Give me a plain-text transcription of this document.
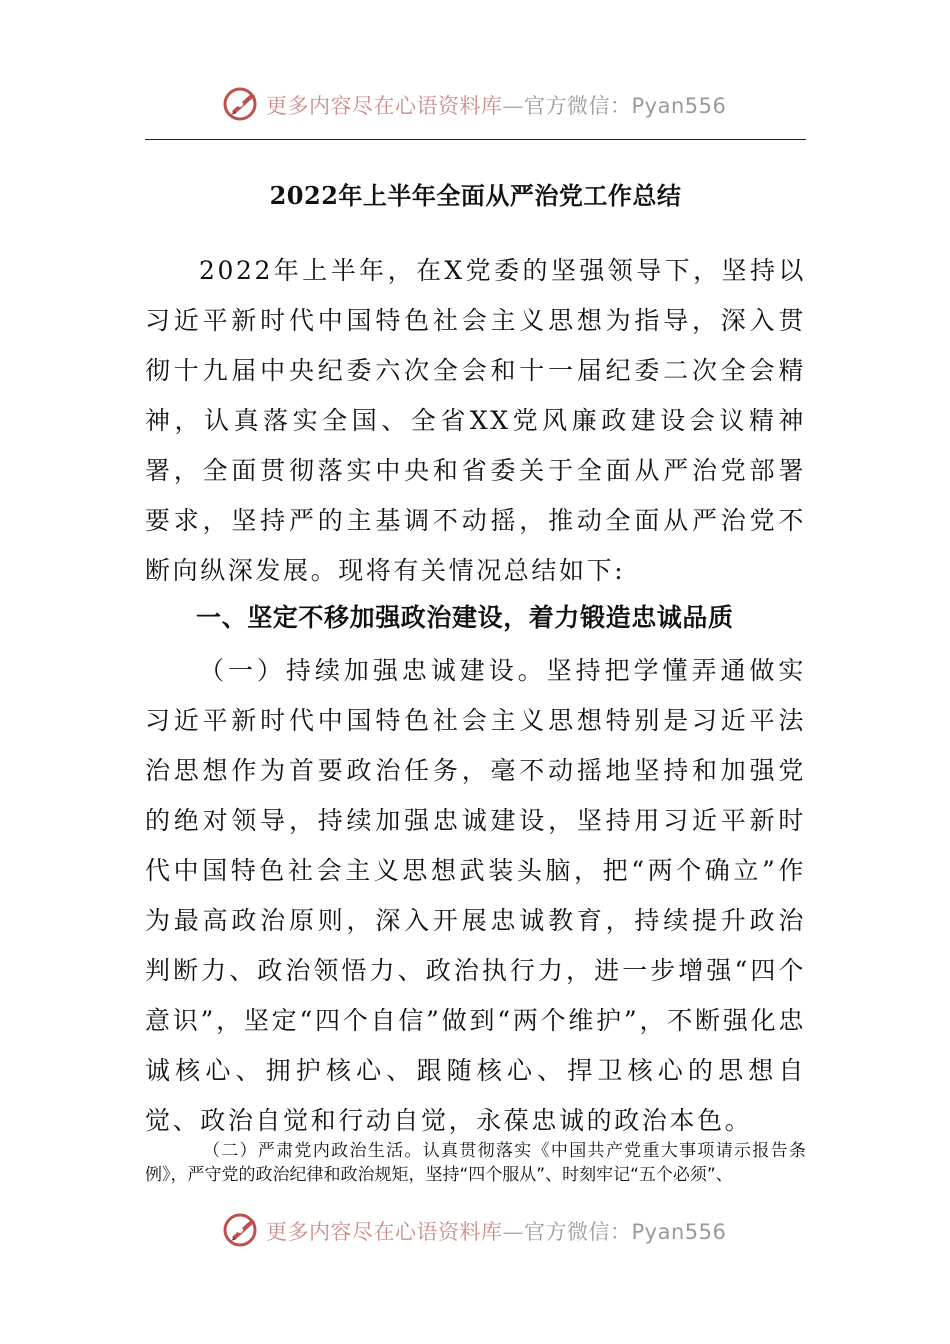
更多内容尽在心语资料库—官方微信：Pyan556
2022年上半年全面从严治党工作总结
2022年上半年，在X党委的坚强领导下，坚持以习近平新时代中国特色社会主义思想为指导，深入贯彻十九届中央纪委六次全会和十一届纪委二次全会精神，认真落实全国、全省XX党风廉政建设会议精神署，全面贯彻落实中央和省委关于全面从严治党部署要求，坚持严的主基调不动摇，推动全面从严治党不断向纵深发展。现将有关情况总结如下:
一、坚定不移加强政治建设，着力锻造忠诚品质
（一）持续加强忠诚建设。坚持把学懂弄通做实习近平新时代中国特色社会主义思想特别是习近平法治思想作为首要政治任务，毫不动摇地坚持和加强党的绝对领导，持续加强忠诚建设，坚持用习近平新时代中国特色社会主义思想武装头脑，把“两个确立”作为最高政治原则，深入开展忠诚教育，持续提升政治判断力、政治领悟力、政治执行力，进一步增强“四个意识”，坚定“四个自信”做到“两个维护”，不断强化忠诚核心、拥护核心、跟随核心、捍卫核心的思想自觉、政治自觉和行动自觉，永葆忠诚的政治本色。
（二）严肃党内政治生活。认真贯彻落实《中国共产党重大事项请示报告条例》，严守党的政治纪律和政治规矩，坚持“四个服从”、时刻牢记“五个必须”、
更多内容尽在心语资料库—官方微信：Pyan556
